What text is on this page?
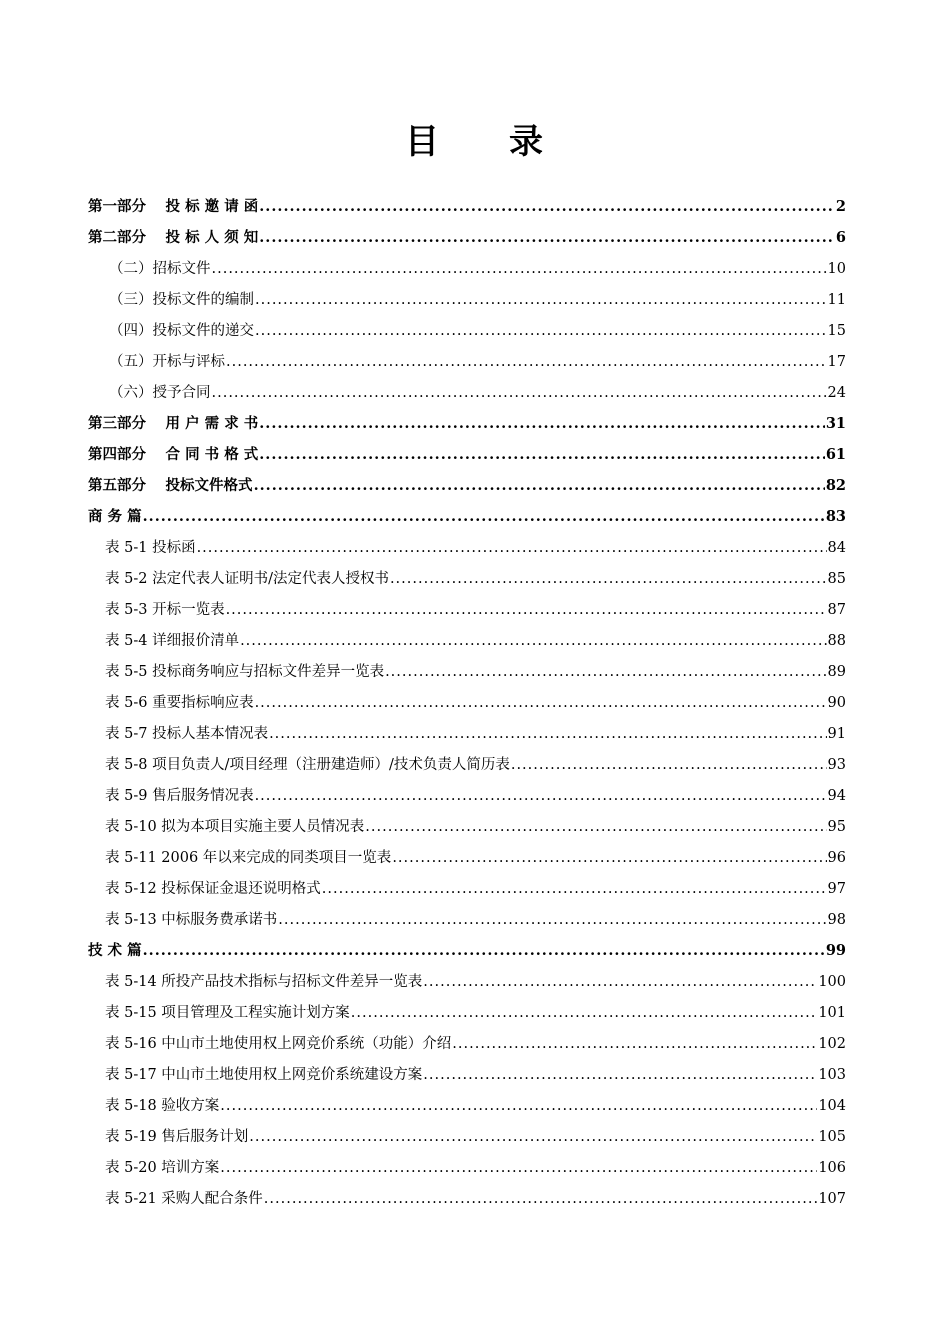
目 录
第一部分　 投 标 邀 请 函 .....	2
第二部分　 投 标 人 须 知 .....	6
（二）招标文件 .....	10
（三）投标文件的编制 .....	11
（四）投标文件的递交 .....	15
（五）开标与评标 .....	17
（六）授予合同 .....	24
第三部分　 用 户 需 求 书 .....	31
第四部分　 合 同 书 格 式 .....	61
第五部分　 投标文件格式 .....	82
商 务 篇 .....	83
表 5-1 投标函 .....	84
表 5-2 法定代表人证明书/法定代表人授权书 .....	85
表 5-3 开标一览表 .....	87
表 5-4 详细报价清单 .....	88
表 5-5 投标商务响应与招标文件差异一览表 .....	89
表 5-6 重要指标响应表 .....	90
表 5-7 投标人基本情况表 .....	91
表 5-8 项目负责人/项目经理（注册建造师）/技术负责人简历表 .....	93
表 5-9 售后服务情况表 .....	94
表 5-10 拟为本项目实施主要人员情况表 .....	95
表 5-11 2006 年以来完成的同类项目一览表 .....	96
表 5-12 投标保证金退还说明格式 .....	97
表 5-13 中标服务费承诺书 .....	98
技 术 篇 .....	99
表 5-14 所投产品技术指标与招标文件差异一览表 .....	100
表 5-15 项目管理及工程实施计划方案 .....	101
表 5-16 中山市土地使用权上网竞价系统（功能）介绍 .....	102
表 5-17 中山市土地使用权上网竞价系统建设方案 .....	103
表 5-18 验收方案 .....	104
表 5-19 售后服务计划 .....	105
表 5-20 培训方案 .....	106
表 5-21 采购人配合条件 .....	107
